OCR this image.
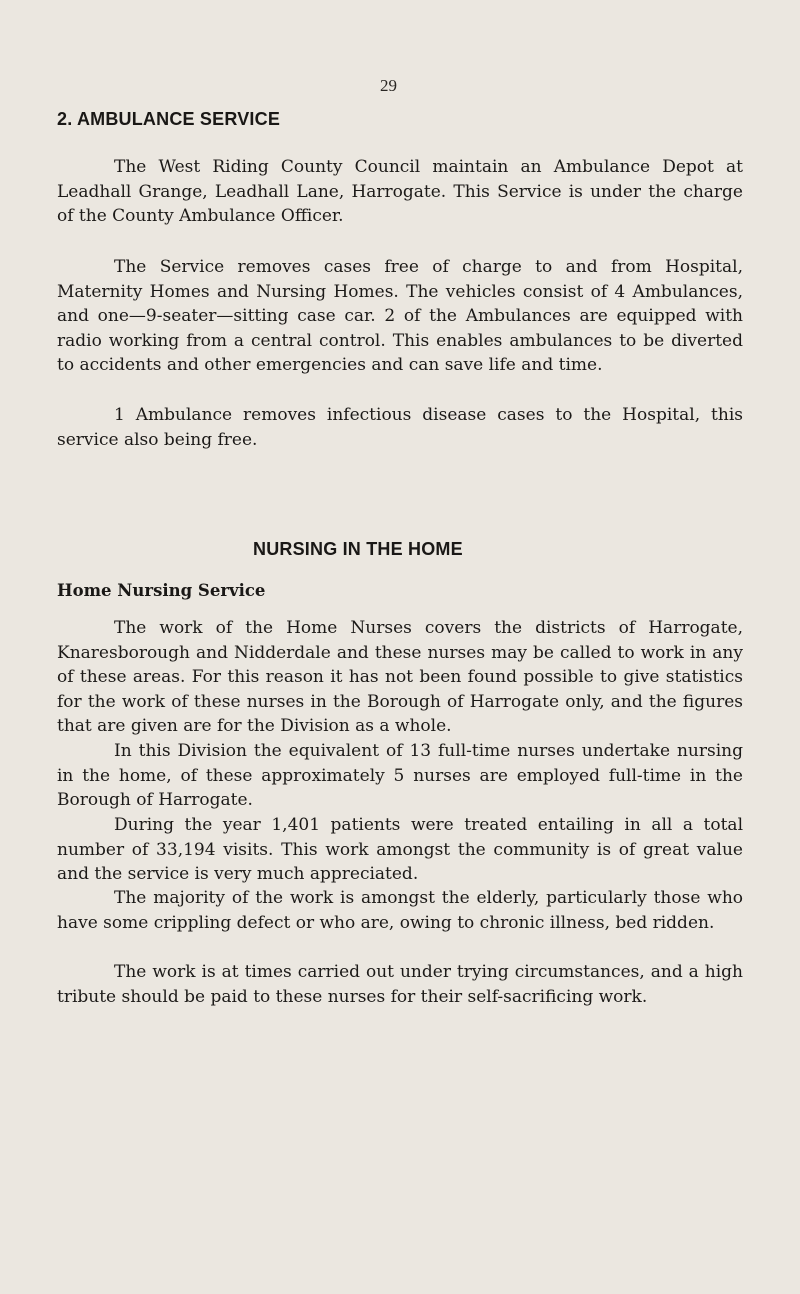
29
2. AMBULANCE SERVICE

The West Riding County Council maintain an Ambulance Depot at Leadhall Grange, Leadhall Lane, Harrogate. This Service is under the charge of the County Ambulance Officer.

The Service removes cases free of charge to and from Hospital, Maternity Homes and Nursing Homes. The vehicles consist of 4 Ambulances, and one—9-seater—sitting case car. 2 of the Ambulances are equipped with radio working from a central control. This enables ambulances to be diverted to accidents and other emergencies and can save life and time.

1 Ambulance removes infectious disease cases to the Hospital, this service also being free.

NURSING IN THE HOME
Home Nursing Service

The work of the Home Nurses covers the districts of Harrogate, Knaresborough and Nidderdale and these nurses may be called to work in any of these areas. For this reason it has not been found possible to give statistics for the work of these nurses in the Borough of Harrogate only, and the figures that are given are for the Division as a whole.

In this Division the equivalent of 13 full-time nurses undertake nursing in the home, of these approximately 5 nurses are employed full-time in the Borough of Harrogate.

During the year 1,401 patients were treated entailing in all a total number of 33,194 visits. This work amongst the community is of great value and the service is very much appreciated.

The majority of the work is amongst the elderly, particularly those who have some crippling defect or who are, owing to chronic illness, bed ridden.

The work is at times carried out under trying circumstances, and a high tribute should be paid to these nurses for their self-sacrificing work.
